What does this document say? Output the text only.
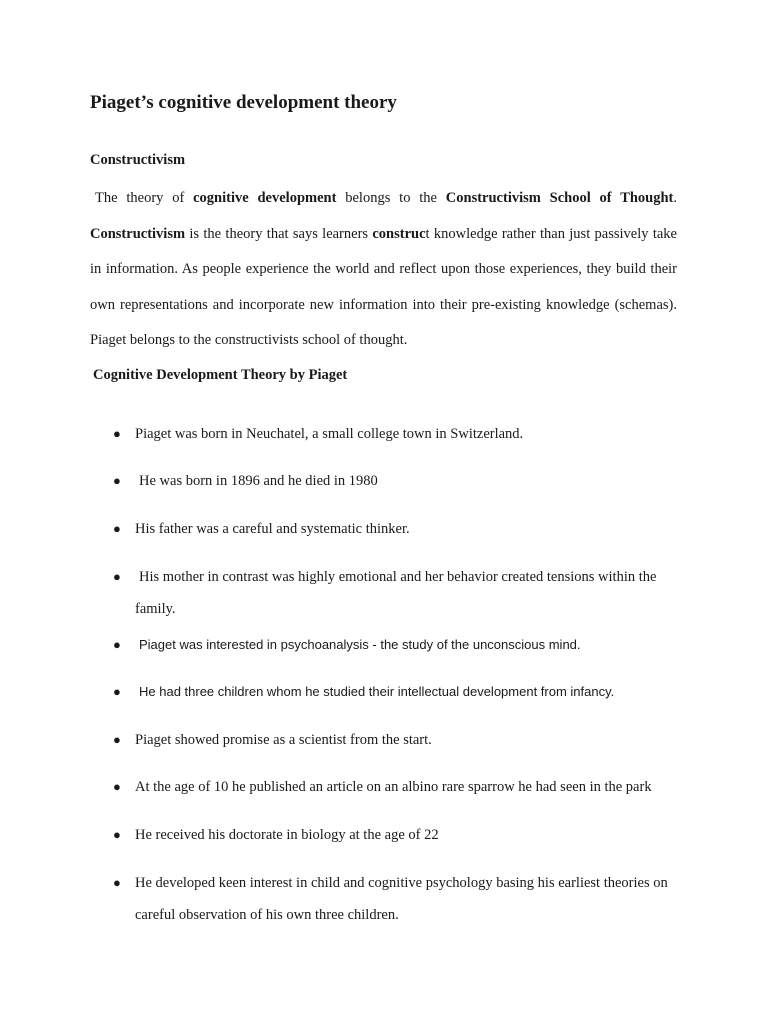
Piaget’s cognitive development theory
Constructivism

The theory of cognitive development belongs to the Constructivism School of Thought. Constructivism is the theory that says learners construct knowledge rather than just passively take in information. As people experience the world and reflect upon those experiences, they build their own representations and incorporate new information into their pre-existing knowledge (schemas). Piaget belongs to the constructivists school of thought.

Cognitive Development Theory by Piaget
● Piaget was born in Neuchatel, a small college town in Switzerland.
● He was born in 1896 and he died in 1980
● His father was a careful and systematic thinker.
● His mother in contrast was highly emotional and her behavior created tensions within the family.
● Piaget was interested in psychoanalysis - the study of the unconscious mind.
● He had three children whom he studied their intellectual development from infancy.
● Piaget showed promise as a scientist from the start.
● At the age of 10 he published an article on an albino rare sparrow he had seen in the park
● He received his doctorate in biology at the age of 22
● He developed keen interest in child and cognitive psychology basing his earliest theories on careful observation of his own three children.
